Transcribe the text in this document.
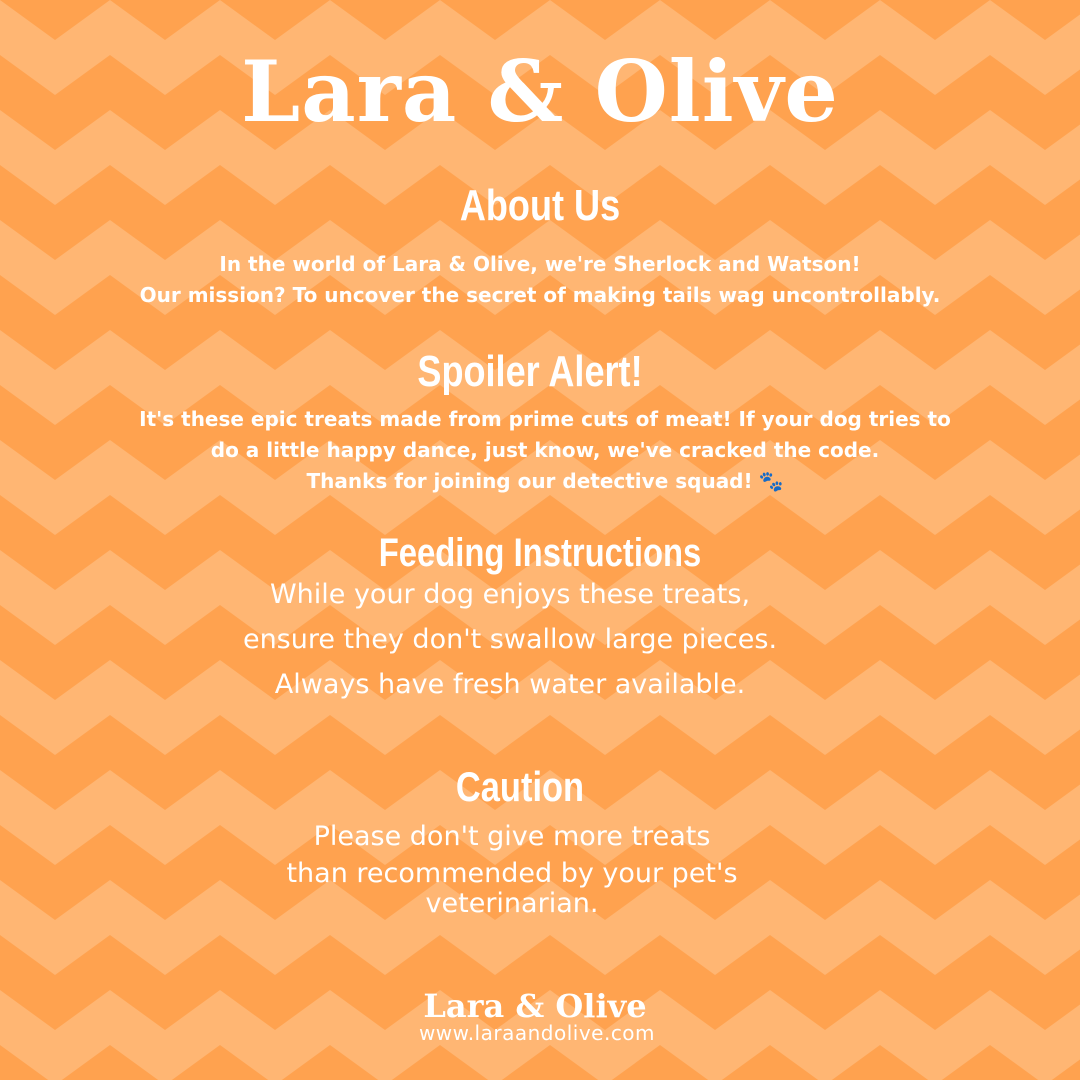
Lara & Olive
About Us
In the world of Lara & Olive, we're Sherlock and Watson!
Our mission? To uncover the secret of making tails wag uncontrollably.
Spoiler Alert!
It's these epic treats made from prime cuts of meat! If your dog tries to
do a little happy dance, just know, we've cracked the code.
Thanks for joining our detective squad! 🐾
Feeding Instructions
While your dog enjoys these treats,
ensure they don't swallow large pieces.
Always have fresh water available.
Caution
Please don't give more treats
than recommended by your pet's
veterinarian.
Lara & Olive
www.laraandolive.com
